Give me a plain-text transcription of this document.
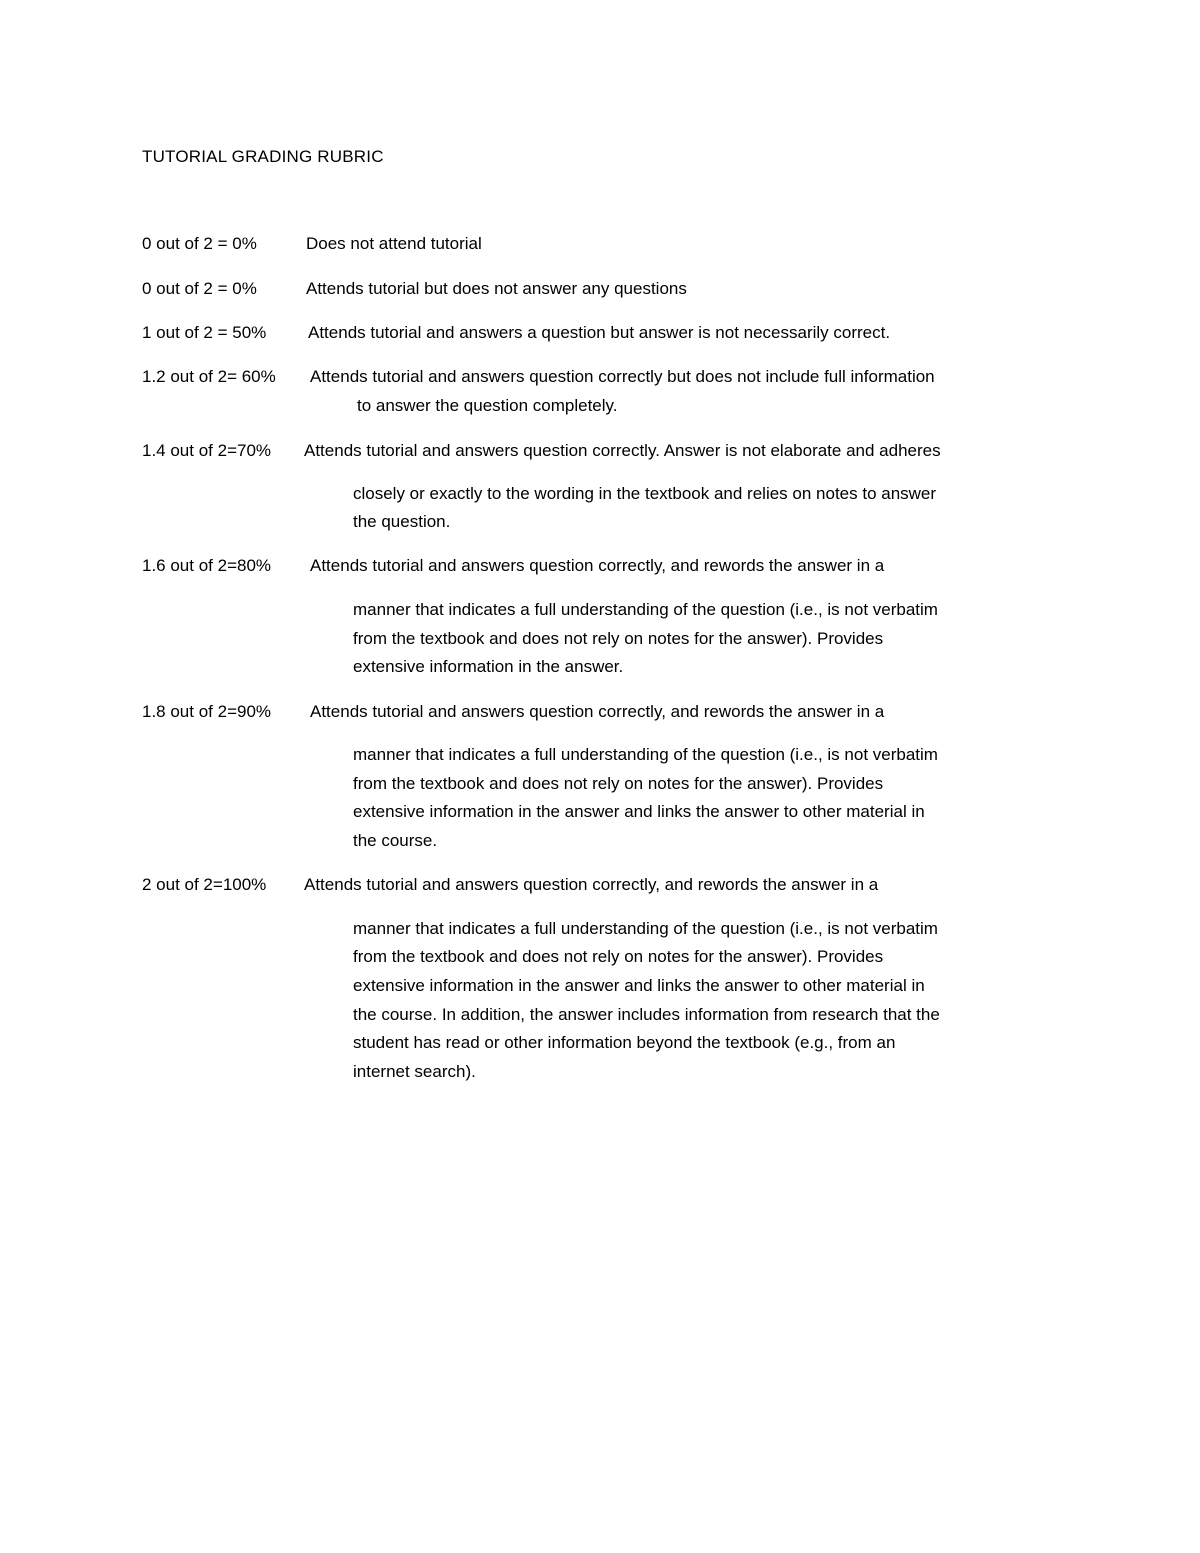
TUTORIAL GRADING RUBRIC
0 out of 2 = 0%	Does not attend tutorial
0 out of 2 = 0%	Attends tutorial but does not answer any questions
1 out of 2 = 50% Attends tutorial and answers a question but answer is not necessarily correct.
1.2 out of 2= 60% Attends tutorial and answers question correctly but does not include full information
to answer the question completely.
1.4 out of 2=70% Attends tutorial and answers question correctly. Answer is not elaborate and adheres
closely or exactly to the wording in the textbook and relies on notes to answer
the question.
1.6 out of 2=80% Attends tutorial and answers question correctly, and rewords the answer in a
manner that indicates a full understanding of the question (i.e., is not verbatim
from the textbook and does not rely on notes for the answer). Provides
extensive information in the answer.
1.8 out of 2=90% Attends tutorial and answers question correctly, and rewords the answer in a
manner that indicates a full understanding of the question (i.e., is not verbatim
from the textbook and does not rely on notes for the answer). Provides
extensive information in the answer and links the answer to other material in
the course.
2 out of 2=100% Attends tutorial and answers question correctly, and rewords the answer in a
manner that indicates a full understanding of the question (i.e., is not verbatim
from the textbook and does not rely on notes for the answer). Provides
extensive information in the answer and links the answer to other material in
the course. In addition, the answer includes information from research that the
student has read or other information beyond the textbook (e.g., from an
internet search).
